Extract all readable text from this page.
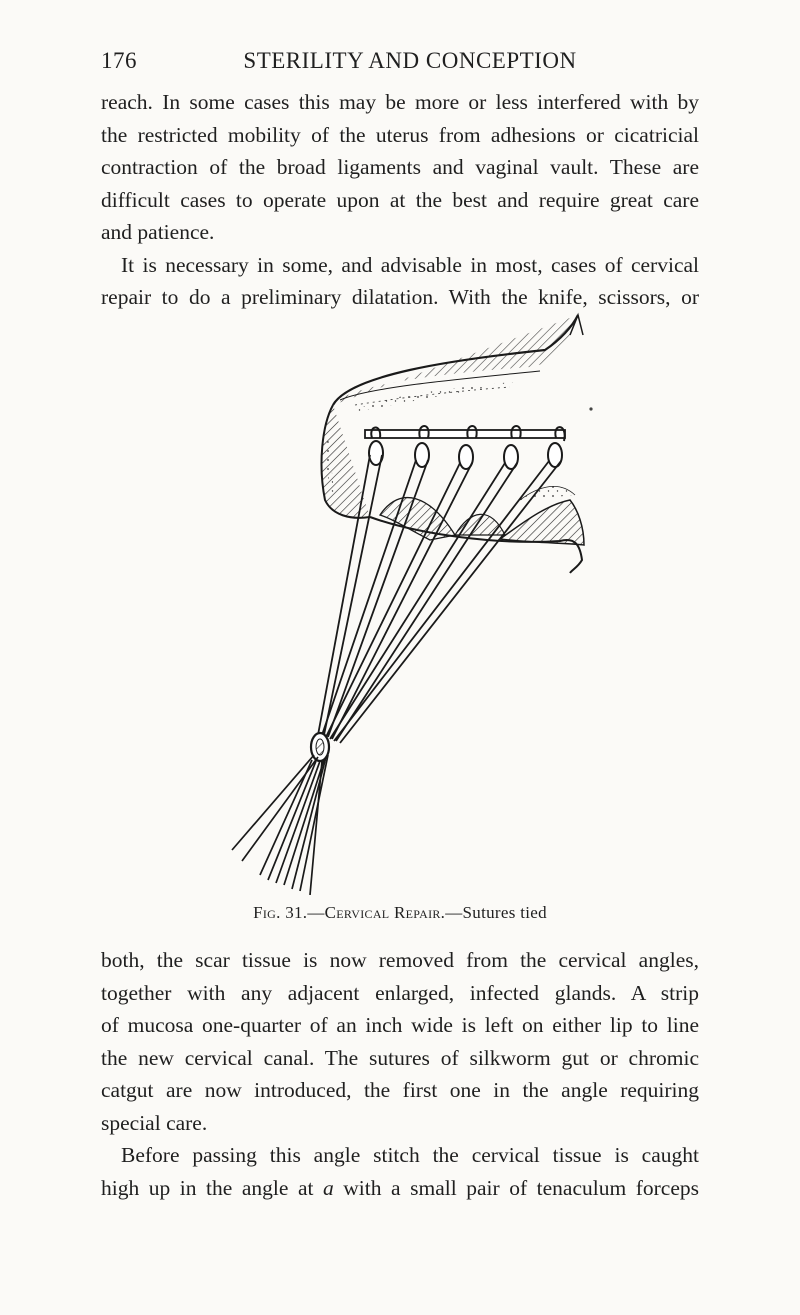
176	STERILITY AND CONCEPTION
reach. In some cases this may be more or less interfered with by
the restricted mobility of the uterus from adhesions or cicatricial
contraction of the broad ligaments and vaginal vault. These are
difficult cases to operate upon at the best and require great care
and patience.
It is necessary in some, and advisable in most, cases of cervical
repair to do a preliminary dilatation. With the knife, scissors, or
Fig. 31.—Cervical Repair.—Sutures tied
both, the scar tissue is now removed from the cervical angles,
together with any adjacent enlarged, infected glands. A strip
of mucosa one-quarter of an inch wide is left on either lip to line
the new cervical canal. The sutures of silkworm gut or chromic
catgut are now introduced, the first one in the angle requiring
special care.
Before passing this angle stitch the cervical tissue is caught
high up in the angle at a with a small pair of tenaculum forceps
